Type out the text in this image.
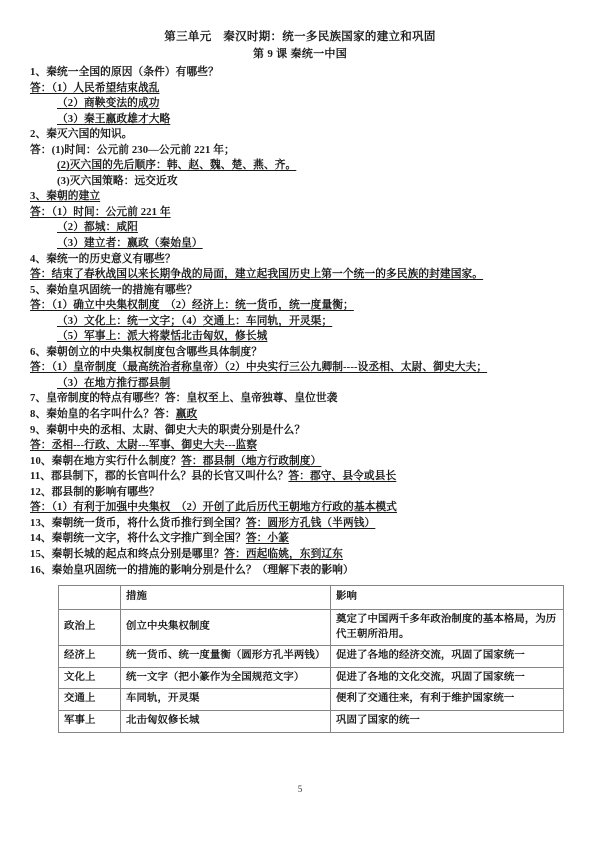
第三单元　秦汉时期：统一多民族国家的建立和巩固
第 9 课 秦统一中国
1、秦统一全国的原因（条件）有哪些？
答：（1）人民希望结束战乱
（2）商鞅变法的成功
（3）秦王嬴政雄才大略
2、秦灭六国的知识。
答：(1)时间：公元前 230—公元前 221 年；
(2)灭六国的先后顺序：韩、赵、魏、楚、燕、齐。
(3)灭六国策略：远交近攻
3、秦朝的建立
答：（1）时间：公元前 221 年
（2）都城：咸阳
（3）建立者：嬴政（秦始皇）
4、秦统一的历史意义有哪些？
答：结束了春秋战国以来长期争战的局面，建立起我国历史上第一个统一的多民族的封建国家。
5、秦始皇巩固统一的措施有哪些？
答：（1）确立中央集权制度　（2）经济上：统一货币，统一度量衡；
（3）文化上：统一文字；（4）交通上：车同轨，开灵渠；
（5）军事上：派大将蒙恬北击匈奴，修长城
6、秦朝创立的中央集权制度包含哪些具体制度？
答：（1）皇帝制度（最高统治者称皇帝）（2）中央实行三公九卿制----设丞相、太尉、御史大夫；
（3）在地方推行郡县制
7、皇帝制度的特点有哪些？答：皇权至上、皇帝独尊、皇位世袭
8、秦始皇的名字叫什么？答：嬴政
9、秦朝中央的丞相、太尉、御史大夫的职责分别是什么？
答：丞相---行政、太尉---军事、御史大夫---监察
10、秦朝在地方实行什么制度？答：郡县制（地方行政制度）
11、郡县制下，郡的长官叫什么？县的长官又叫什么？答：郡守、县令或县长
12、郡县制的影响有哪些？
答：（1）有利于加强中央集权　（2）开创了此后历代王朝地方行政的基本模式
13、秦朝统一货币，将什么货币推行到全国？答：圆形方孔钱（半两钱）
14、秦朝统一文字，将什么文字推广到全国？答：小篆
15、秦朝长城的起点和终点分别是哪里？答：西起临姚，东到辽东
16、秦始皇巩固统一的措施的影响分别是什么？（理解下表的影响）
	措施	影响
政治上	创立中央集权制度	奠定了中国两千多年政治制度的基本格局，为历代王朝所沿用。
经济上	统一货币、统一度量衡（圆形方孔半两钱）	促进了各地的经济交流，巩固了国家统一
文化上	统一文字（把小篆作为全国规范文字）	促进了各地的文化交流，巩固了国家统一
交通上	车同轨，开灵渠	便利了交通往来，有利于维护国家统一
军事上	北击匈奴修长城	巩固了国家的统一
5
